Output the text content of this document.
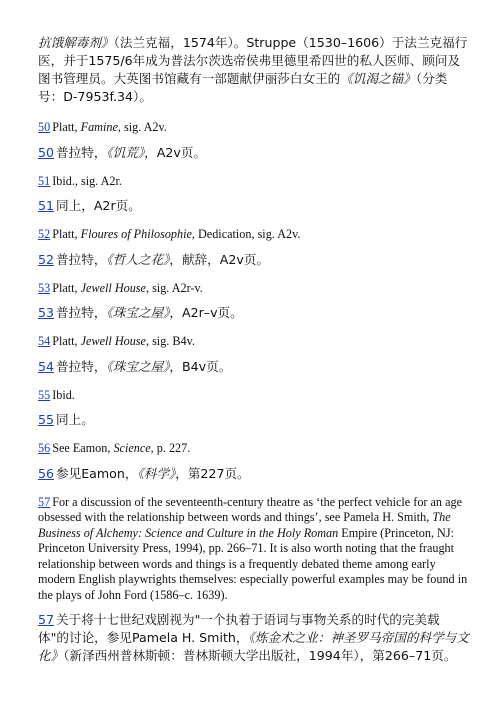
抗饿解毒剂》（法兰克福，1574年）。Struppe（1530–1606）于法兰克福行医，并于1575/6年成为普法尔茨选帝侯弗里德里希四世的私人医师、顾问及图书管理员。大英图书馆藏有一部题献伊丽莎白女王的《饥渴之锚》（分类号：D-7953f.34）。

50 Platt, Famine, sig. A2v.

50 普拉特，《饥荒》，A2v页。

51 Ibid., sig. A2r.

51 同上，A2r页。

52 Platt, Floures of Philosophie, Dedication, sig. A2v.

52 普拉特，《哲人之花》，献辞，A2v页。

53 Platt, Jewell House, sig. A2r-v.

53 普拉特，《珠宝之屋》，A2r–v页。

54 Platt, Jewell House, sig. B4v.

54 普拉特，《珠宝之屋》，B4v页。

55 Ibid.

55 同上。

56 See Eamon, Science, p. 227.

56 参见Eamon，《科学》，第227页。

57 For a discussion of the seventeenth-century theatre as ‘the perfect vehicle for an age obsessed with the relationship between words and things’, see Pamela H. Smith, The Business of Alchemy: Science and Culture in the Holy Roman Empire (Princeton, NJ: Princeton University Press, 1994), pp. 266–71. It is also worth noting that the fraught relationship between words and things is a frequently debated theme among early modern English playwrights themselves: especially powerful examples may be found in the plays of John Ford (1586–c. 1639).

57 关于将十七世纪戏剧视为"一个执着于语词与事物关系的时代的完美载体"的讨论，参见Pamela H. Smith，《炼金术之业：神圣罗马帝国的科学与文化》（新泽西州普林斯顿：普林斯顿大学出版社，1994年），第266–71页。
